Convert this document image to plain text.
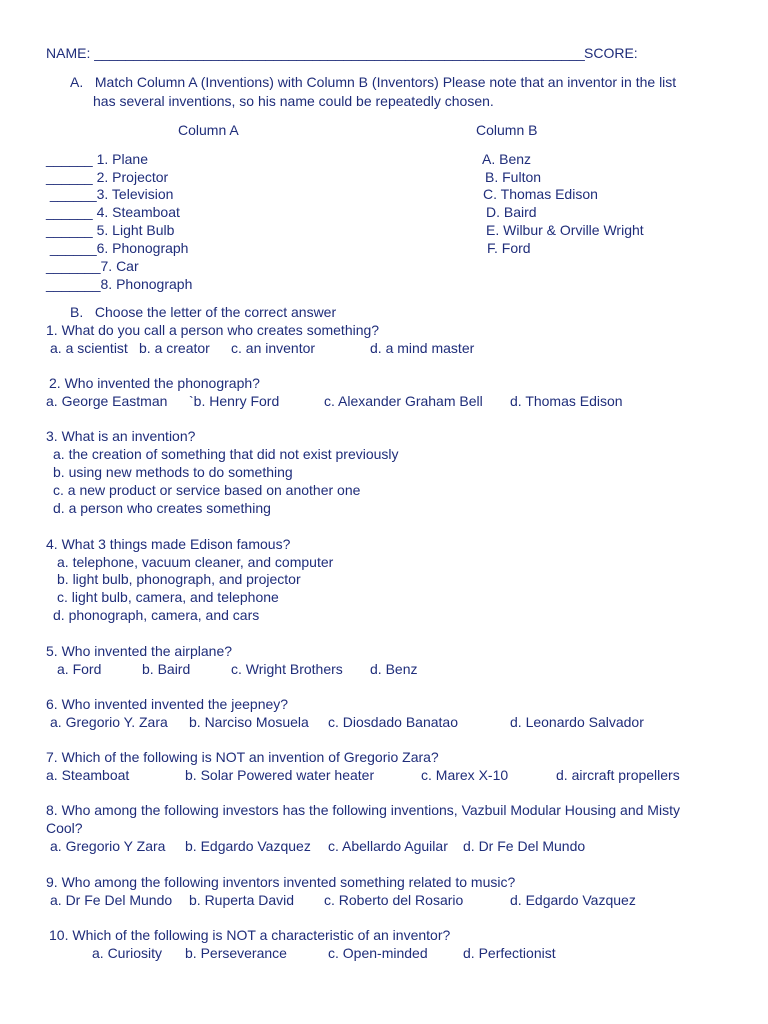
NAME: _______________________________________________________________ SCORE:
A.   Match Column A (Inventions) with Column B (Inventors) Please note that an inventor in the list
has several inventions, so his name could be repeatedly chosen.
Column A	Column B
______ 1. Plane
______ 2. Projector
______3. Television
______ 4. Steamboat
______ 5. Light Bulb
______6. Phonograph
_______7. Car
_______8. Phonograph
A. Benz
B. Fulton
C. Thomas Edison
D. Baird
E. Wilbur & Orville Wright
F. Ford
B.   Choose the letter of the correct answer
1. What do you call a person who creates something?
a. a scientist b. a creator c. an inventor	d. a mind master
2. Who invented the phonograph?
a. George Eastman `b. Henry Ford	c. Alexander Graham Bell d. Thomas Edison
3. What is an invention?
a. the creation of something that did not exist previously
b. using new methods to do something
c. a new product or service based on another one
d. a person who creates something
4. What 3 things made Edison famous?
a. telephone, vacuum cleaner, and computer
b. light bulb, phonograph, and projector
c. light bulb, camera, and telephone
d. phonograph, camera, and cars
5. Who invented the airplane?
a. Ford	b. Baird	c. Wright Brothers d. Benz
6. Who invented invented the jeepney?
a. Gregorio Y. Zara b. Narciso Mosuela c. Diosdado Banatao	d. Leonardo Salvador
7. Which of the following is NOT an invention of Gregorio Zara?
a. Steamboat	b. Solar Powered water heater	c. Marex X-10	d. aircraft propellers
8. Who among the following investors has the following inventions, Vazbuil Modular Housing and Misty
Cool?
a. Gregorio Y Zara b. Edgardo Vazquez c. Abellardo Aguilar d. Dr Fe Del Mundo
9. Who among the following inventors invented something related to music?
a. Dr Fe Del Mundo b. Ruperta David c. Roberto del Rosario	d. Edgardo Vazquez
10. Which of the following is NOT a characteristic of an inventor?
a. Curiosity b. Perseverance	c. Open-minded	d. Perfectionist
